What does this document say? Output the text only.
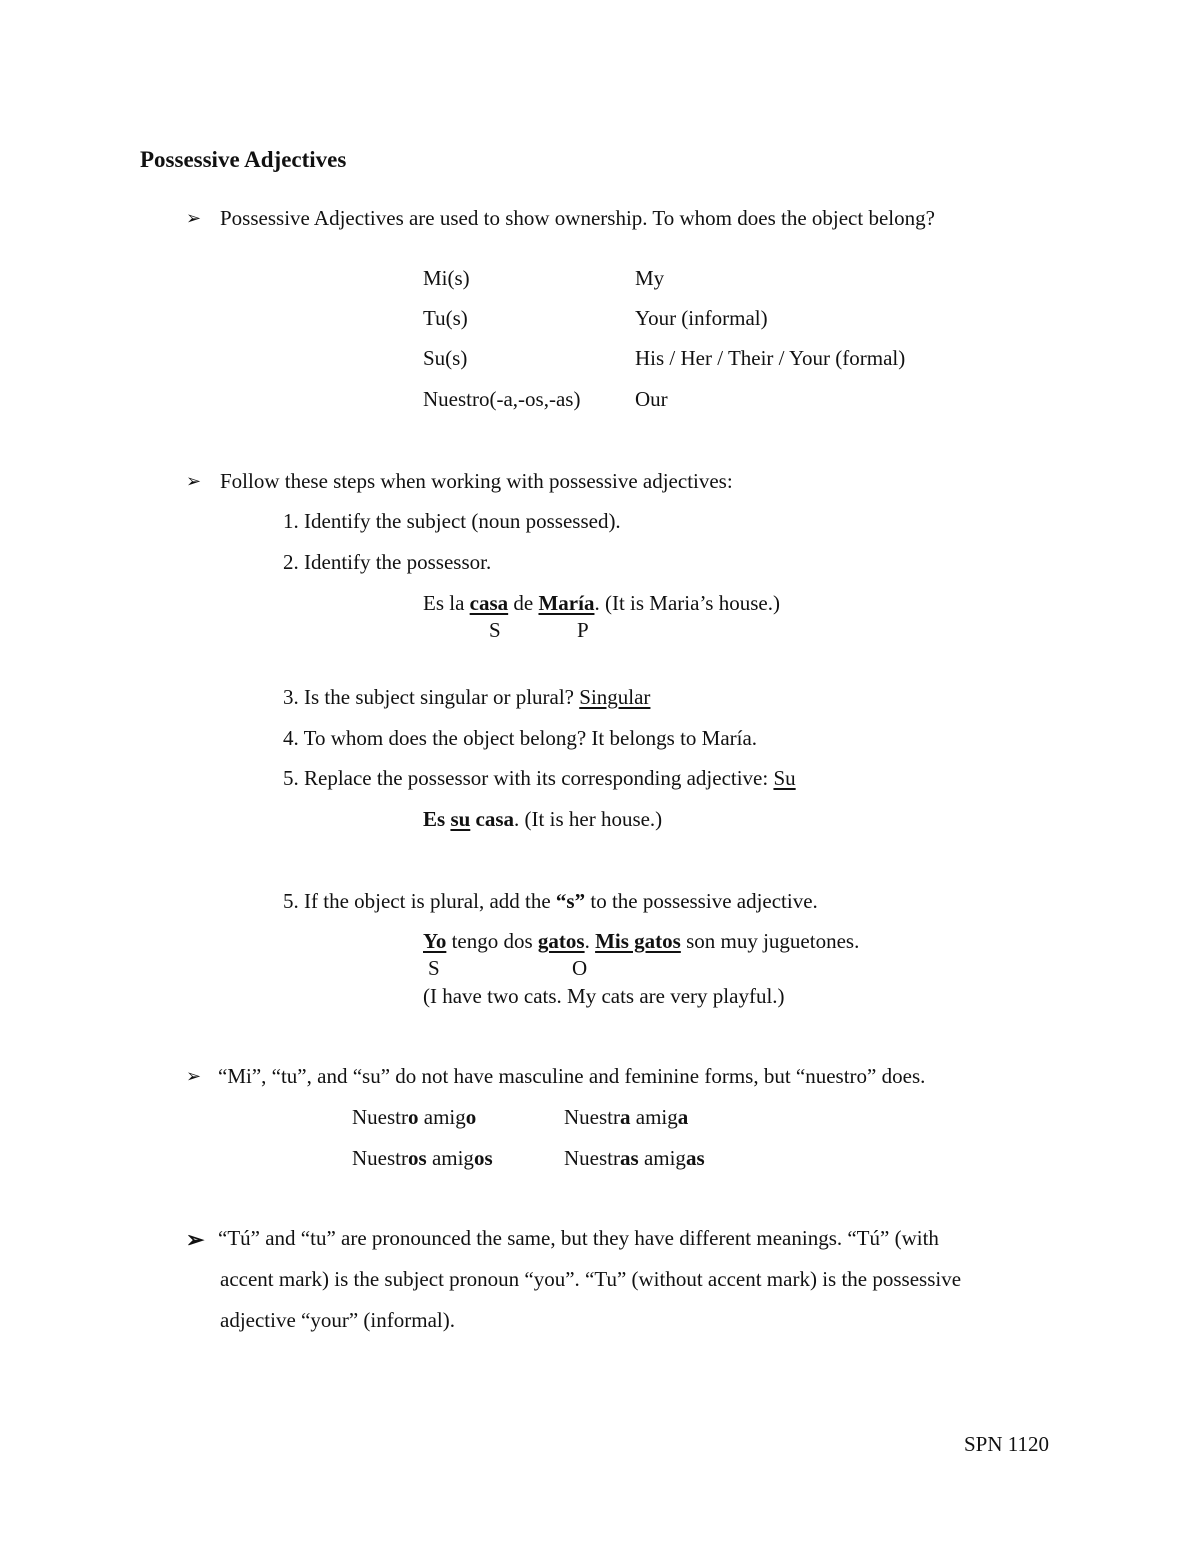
Possessive Adjectives
➢ Possessive Adjectives are used to show ownership. To whom does the object belong?
Mi(s)	My
Tu(s)	Your (informal)
Su(s)	His / Her / Their / Your (formal)
Nuestro(-a,-os,-as)	Our
➢ Follow these steps when working with possessive adjectives:
1. Identify the subject (noun possessed).
2. Identify the possessor.
Es la casa de María. (It is Maria’s house.)
S	P
3. Is the subject singular or plural? Singular
4. To whom does the object belong? It belongs to María.
5. Replace the possessor with its corresponding adjective: Su
Es su casa. (It is her house.)
5. If the object is plural, add the “s” to the possessive adjective.
Yo tengo dos gatos. Mis gatos son muy juguetones.
S	O
(I have two cats. My cats are very playful.)
➢ “Mi”, “tu”, and “su” do not have masculine and feminine forms, but “nuestro” does.
Nuestro amigo	Nuestra amiga
Nuestros amigos	Nuestras amigas
➢ “Tú” and “tu” are pronounced the same, but they have different meanings. “Tú” (with
accent mark) is the subject pronoun “you”. “Tu” (without accent mark) is the possessive
adjective “your” (informal).
SPN 1120
